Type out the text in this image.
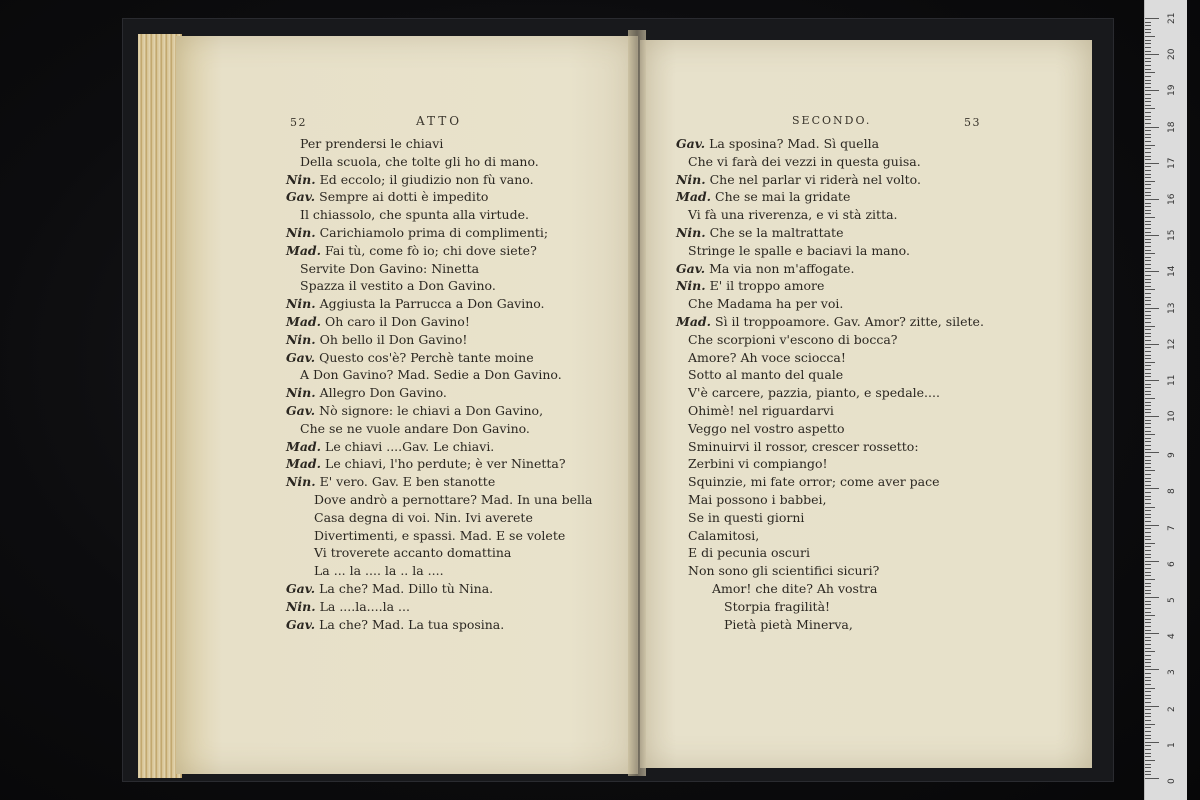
52	ATTO	SECONDO.	53
Per prendersi le chiavi
Della scuola, che tolte gli ho di mano.
Nin. Ed eccolo; il giudizio non fù vano.
Gav. Sempre ai dotti è impedito
Il chiassolo, che spunta alla virtude.
Nin. Carichiamolo prima di complimenti;
Mad. Fai tù, come fò io; chi dove siete?
Servite Don Gavino: Ninetta
Spazza il vestito a Don Gavino.
Nin. Aggiusta la Parrucca a Don Gavino.
Mad. Oh caro il Don Gavino!
Nin. Oh bello il Don Gavino!
Gav. Questo cos'è? Perchè tante moine
A Don Gavino? Mad. Sedie a Don Gavino.
Nin. Allegro Don Gavino.
Gav. Nò signore: le chiavi a Don Gavino,
Che se ne vuole andare Don Gavino.
Mad. Le chiavi ....Gav. Le chiavi.
Mad. Le chiavi, l'ho perdute; è ver Ninetta?
Nin. E' vero. Gav. E ben stanotte
Dove andrò a pernottare? Mad. In una bella
Casa degna di voi. Nin. Ivi averete
Divertimenti, e spassi. Mad. E se volete
Vi troverete accanto domattina
La ... la .... la .. la ....
Gav. La che? Mad. Dillo tù Nina.
Nin. La ....la....la ...
Gav. La che? Mad. La tua sposina.
Gav. La sposina? Mad. Sì quella
Che vi farà dei vezzi in questa guisa.
Nin. Che nel parlar vi riderà nel volto.
Mad. Che se mai la gridate
Vi fà una riverenza, e vi stà zitta.
Nin. Che se la maltrattate
Stringe le spalle e baciavi la mano.
Gav. Ma via non m'affogate.
Nin. E' il troppo amore
Che Madama ha per voi.
Mad. Sì il troppoamore. Gav. Amor? zitte, silete.
Che scorpioni v'escono di bocca?
Amore? Ah voce sciocca!
Sotto al manto del quale
V'è carcere, pazzia, pianto, e spedale....
Ohimè! nel riguardarvi
Veggo nel vostro aspetto
Sminuirvi il rossor, crescer rossetto:
Zerbini vi compiango!
Squinzie, mi fate orror; come aver pace
Mai possono i babbei,
Se in questi giorni
Calamitosi,
E di pecunia oscuri
Non sono gli scientifici sicuri?
Amor! che dite? Ah vostra
Storpia fragilità!
Pietà pietà Minerva,
0
1
2
3
4
5
6
7
8
9
10
11
12
13
14
15
16
17
18
19
20
21
